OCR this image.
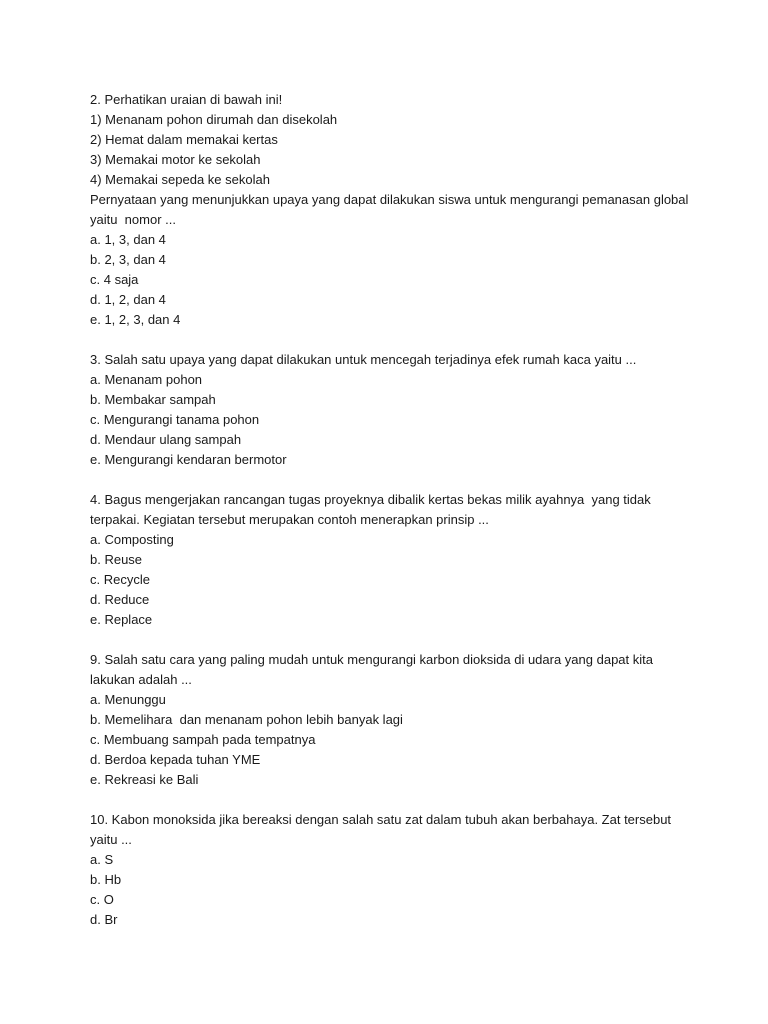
2. Perhatikan uraian di bawah ini!

1) Menanam pohon dirumah dan disekolah

2) Hemat dalam memakai kertas

3) Memakai motor ke sekolah

4) Memakai sepeda ke sekolah

Pernyataan yang menunjukkan upaya yang dapat dilakukan siswa untuk mengurangi pemanasan global

yaitu  nomor ...

a. 1, 3, dan 4

b. 2, 3, dan 4

c. 4 saja

d. 1, 2, dan 4

e. 1, 2, 3, dan 4

3. Salah satu upaya yang dapat dilakukan untuk mencegah terjadinya efek rumah kaca yaitu ...

a. Menanam pohon

b. Membakar sampah

c. Mengurangi tanama pohon

d. Mendaur ulang sampah

e. Mengurangi kendaran bermotor

4. Bagus mengerjakan rancangan tugas proyeknya dibalik kertas bekas milik ayahnya  yang tidak

terpakai. Kegiatan tersebut merupakan contoh menerapkan prinsip ...

a. Composting

b. Reuse

c. Recycle

d. Reduce

e. Replace

9. Salah satu cara yang paling mudah untuk mengurangi karbon dioksida di udara yang dapat kita

lakukan adalah ...

a. Menunggu

b. Memelihara  dan menanam pohon lebih banyak lagi

c. Membuang sampah pada tempatnya

d. Berdoa kepada tuhan YME

e. Rekreasi ke Bali

10. Kabon monoksida jika bereaksi dengan salah satu zat dalam tubuh akan berbahaya. Zat tersebut

yaitu ...

a. S

b. Hb

c. O

d. Br
